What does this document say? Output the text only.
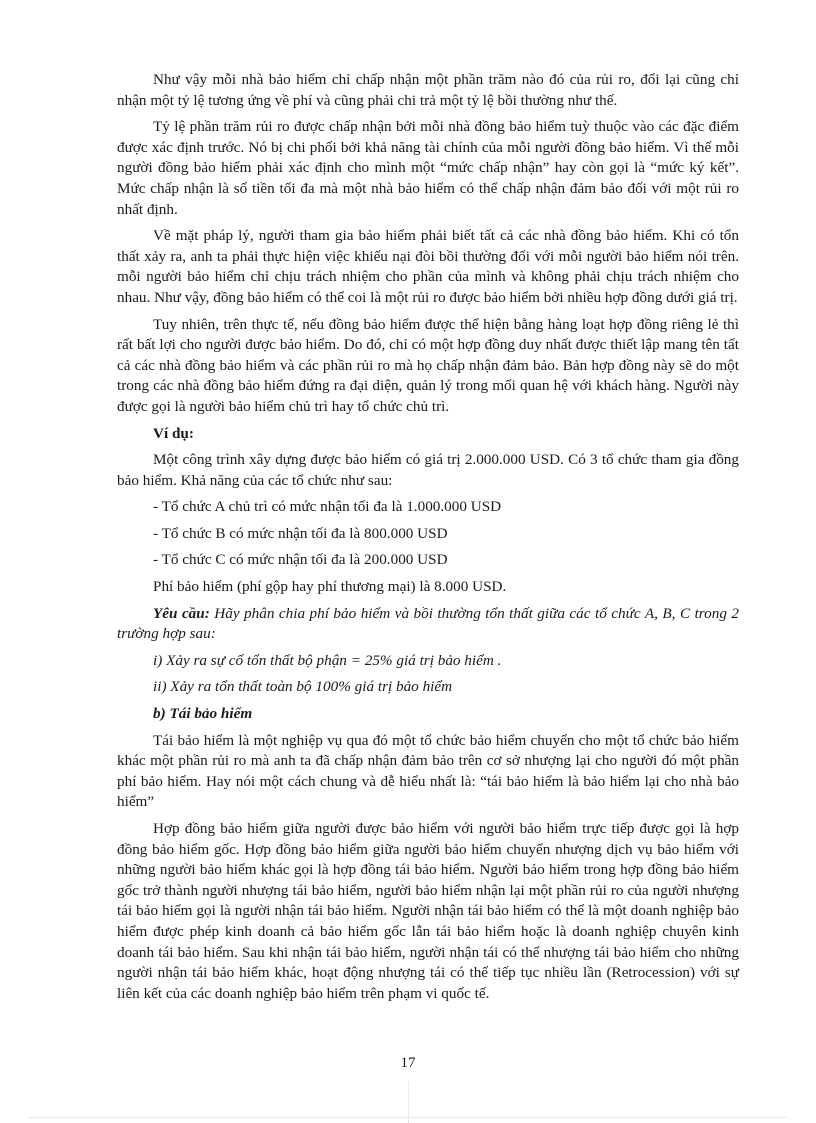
Như vậy mỗi nhà bảo hiểm chỉ chấp nhận một phần trăm nào đó của rủi ro, đổi lại cũng chỉ nhận một tỷ lệ tương ứng về phí và cũng phải chi trả một tỷ lệ bồi thường như thế.

Tỷ lệ phần trăm rủi ro được chấp nhận bởi mỗi nhà đồng bảo hiểm tuỳ thuộc vào các đặc điểm được xác định trước. Nó bị chi phối bởi khả năng tài chính của mỗi người đồng bảo hiểm. Vì thế mỗi người đồng bảo hiểm phải xác định cho mình một “mức chấp nhận” hay còn gọi là “mức ký kết”. Mức chấp nhận là số tiền tối đa mà một nhà bảo hiểm có thể chấp nhận đảm bảo đối với một rủi ro nhất định.

Về mặt pháp lý, người tham gia bảo hiểm phải biết tất cả các nhà đồng bảo hiểm. Khi có tổn thất xảy ra, anh ta phải thực hiện việc khiếu nại đòi bồi thường đối với mỗi người bảo hiểm nói trên. mỗi người bảo hiểm chỉ chịu trách nhiệm cho phần của mình và không phải chịu trách nhiệm cho nhau. Như vậy, đồng bảo hiểm có thể coi là một rủi ro được bảo hiểm bởi nhiều hợp đồng dưới giá trị.

Tuy nhiên, trên thực tế, nếu đồng bảo hiểm được thể hiện bằng hàng loạt hợp đồng riêng lẻ thì rất bất lợi cho người được bảo hiểm. Do đó, chỉ có một hợp đồng duy nhất được thiết lập mang tên tất cả các nhà đồng bảo hiểm và các phần rủi ro mà họ chấp nhận đảm bảo. Bản hợp đồng này sẽ do một trong các nhà đồng bảo hiểm đứng ra đại diện, quản lý trong mối quan hệ với khách hàng. Người này được gọi là người bảo hiểm chủ trì hay tổ chức chủ trì.

Ví dụ:

Một công trình xây dựng được bảo hiểm có giá trị 2.000.000 USD. Có 3 tổ chức tham gia đồng bảo hiểm. Khả năng của các tổ chức như sau:

- Tổ chức A chủ trì có mức nhận tối đa là 1.000.000 USD

- Tổ chức B có mức nhận tối đa là 800.000 USD

- Tổ chức C có mức nhận tối đa là 200.000 USD

Phí bảo hiểm (phí gộp hay phí thương mại) là 8.000 USD.

Yêu cầu: Hãy phân chia phí bảo hiểm và bồi thường tổn thất giữa các tổ chức A, B, C trong 2 trường hợp sau:

i) Xảy ra sự cố tổn thất bộ phận = 25% giá trị bảo hiểm .

ii) Xảy ra tổn thất toàn bộ 100% giá trị bảo hiểm

b) Tái bảo hiểm

Tái bảo hiểm là một nghiệp vụ qua đó một tổ chức bảo hiểm chuyển cho một tổ chức bảo hiểm khác một phần rủi ro mà anh ta đã chấp nhận đảm bảo trên cơ sở nhượng lại cho người đó một phần phí bảo hiểm. Hay nói một cách chung và dễ hiểu nhất là: “tái bảo hiểm là bảo hiểm lại cho nhà bảo hiểm”

Hợp đồng bảo hiểm giữa người được bảo hiểm với người bảo hiểm trực tiếp được gọi là hợp đồng bảo hiểm gốc. Hợp đồng bảo hiểm giữa người bảo hiểm chuyển nhượng dịch vụ bảo hiểm với những người bảo hiểm khác gọi là hợp đồng tái bảo hiểm. Người bảo hiểm trong hợp đồng bảo hiểm gốc trở thành người nhượng tái bảo hiểm, người bảo hiểm nhận lại một phần rủi ro của người nhượng tái bảo hiểm gọi là người nhận tái bảo hiểm. Người nhận tái bảo hiểm có thể là một doanh nghiệp bảo hiểm được phép kinh doanh cả bảo hiểm gốc lẫn tái bảo hiểm hoặc là doanh nghiệp chuyên kinh doanh tái bảo hiểm. Sau khi nhận tái bảo hiểm, người nhận tái có thể nhượng tái bảo hiểm cho những người nhận tái bảo hiểm khác, hoạt động nhượng tái có thể tiếp tục nhiều lần (Retrocession) với sự liên kết của các doanh nghiệp bảo hiểm trên phạm vi quốc tế.

17
